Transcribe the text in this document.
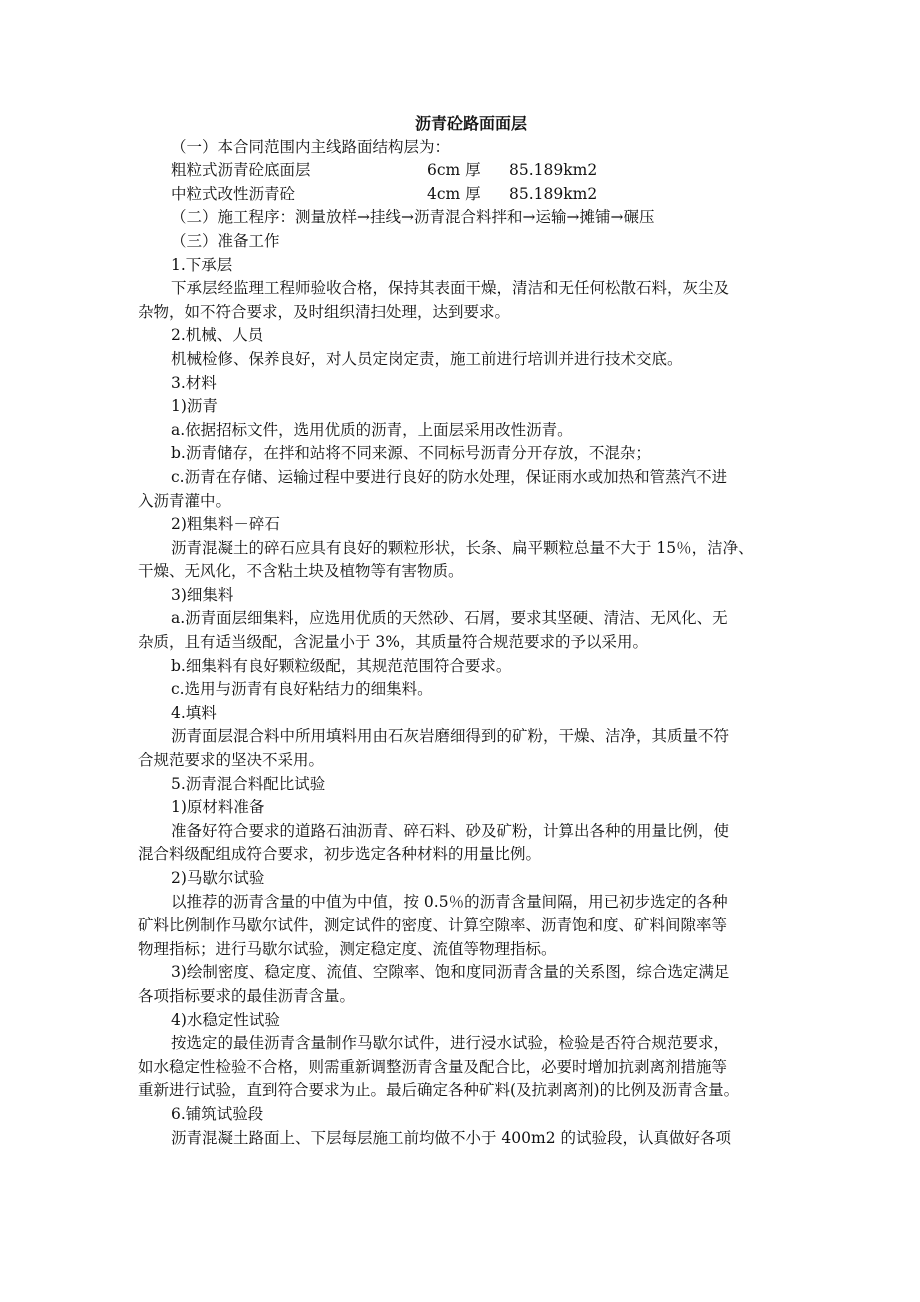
沥青砼路面面层

（一）本合同范围内主线路面结构层为：

粗粒式沥青砼底面层	6cm 厚	85.189km2
中粒式改性沥青砼	4cm 厚	85.189km2

（二）施工程序：测量放样→挂线→沥青混合料拌和→运输→摊铺→碾压

（三）准备工作

1.下承层

下承层经监理工程师验收合格，保持其表面干燥，清洁和无任何松散石料，灰尘及

杂物，如不符合要求，及时组织清扫处理，达到要求。

2.机械、人员

机械检修、保养良好，对人员定岗定责，施工前进行培训并进行技术交底。

3.材料

1)沥青

a.依据招标文件，选用优质的沥青，上面层采用改性沥青。

b.沥青储存，在拌和站将不同来源、不同标号沥青分开存放，不混杂；

c.沥青在存储、运输过程中要进行良好的防水处理，保证雨水或加热和管蒸汽不进

入沥青灌中。

2)粗集料－碎石

沥青混凝土的碎石应具有良好的颗粒形状，长条、扁平颗粒总量不大于 15％，洁净、

干燥、无风化，不含粘土块及植物等有害物质。

3)细集料

a.沥青面层细集料，应选用优质的天然砂、石屑，要求其坚硬、清洁、无风化、无

杂质，且有适当级配，含泥量小于 3%，其质量符合规范要求的予以采用。

b.细集料有良好颗粒级配，其规范范围符合要求。

c.选用与沥青有良好粘结力的细集料。

4.填料

沥青面层混合料中所用填料用由石灰岩磨细得到的矿粉，干燥、洁净，其质量不符

合规范要求的坚决不采用。

5.沥青混合料配比试验

1)原材料准备

准备好符合要求的道路石油沥青、碎石料、砂及矿粉，计算出各种的用量比例，使

混合料级配组成符合要求，初步选定各种材料的用量比例。

2)马歇尔试验

以推荐的沥青含量的中值为中值，按 0.5％的沥青含量间隔，用已初步选定的各种

矿料比例制作马歇尔试件，测定试件的密度、计算空隙率、沥青饱和度、矿料间隙率等

物理指标；进行马歇尔试验，测定稳定度、流值等物理指标。

3)绘制密度、稳定度、流值、空隙率、饱和度同沥青含量的关系图，综合选定满足

各项指标要求的最佳沥青含量。

4)水稳定性试验

按选定的最佳沥青含量制作马歇尔试件，进行浸水试验，检验是否符合规范要求，

如水稳定性检验不合格，则需重新调整沥青含量及配合比，必要时增加抗剥离剂措施等

重新进行试验，直到符合要求为止。最后确定各种矿料(及抗剥离剂)的比例及沥青含量。

6.铺筑试验段

沥青混凝土路面上、下层每层施工前均做不小于 400m2 的试验段，认真做好各项
